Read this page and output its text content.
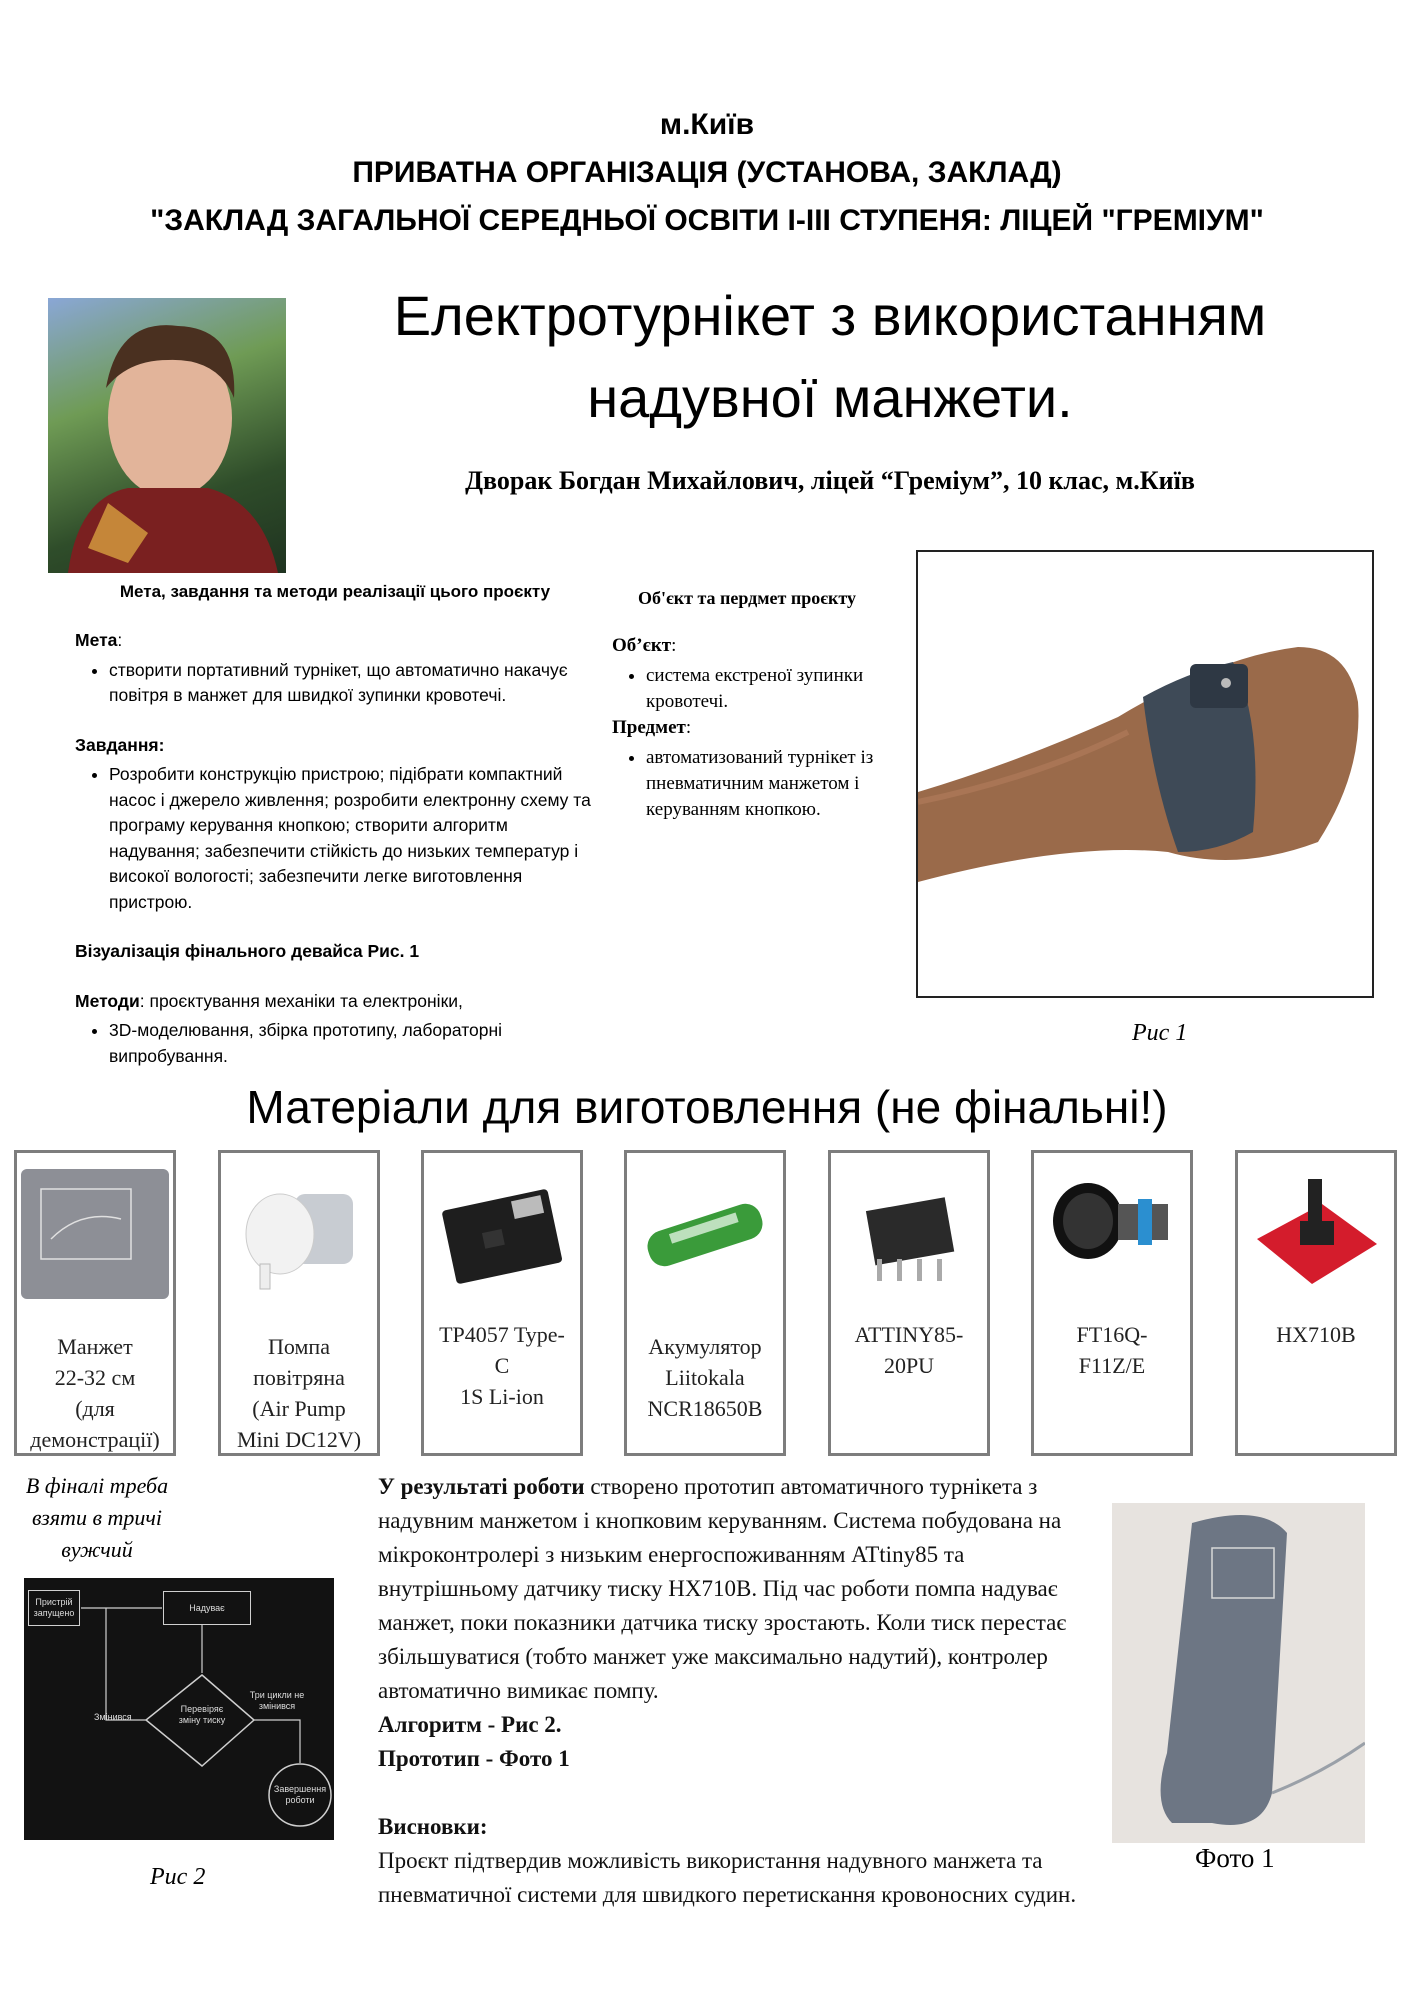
м.Київ
ПРИВАТНА ОРГАНІЗАЦІЯ (УСТАНОВА, ЗАКЛАД)
"ЗАКЛАД ЗАГАЛЬНОЇ СЕРЕДНЬОЇ ОСВІТИ І-ІІІ СТУПЕНЯ: ЛІЦЕЙ "ГРЕМІУМ"
Електротурнікет з використанням
надувної манжети.
Дворак Богдан Михайлович, ліцей “Греміум”, 10 клас, м.Київ
Мета, завдання та методи реалізації цього проєкту
Мета:
• створити портативний турнікет, що автоматично накачує повітря в манжет для швидкої зупинки кровотечі.
Завдання:
• Розробити конструкцію пристрою; підібрати компактний насос і джерело живлення; розробити електронну схему та програму керування кнопкою; створити алгоритм надування; забезпечити стійкість до низьких температур і високої вологості; забезпечити легке виготовлення пристрою.
Візуалізація фінального девайса Рис. 1
Методи: проєктування механіки та електроніки,
• 3D-моделювання, збірка прототипу, лабораторні випробування.
Об'єкт та пердмет проєкту
Об’єкт:
• система екстреної зупинки кровотечі.
Предмет:
• автоматизований турнікет із пневматичним манжетом і керуванням кнопкою.
Рис 1
Матеріали для виготовлення (не фінальні!)
Манжет
22-32 см
(для
демонстрації)
Помпа
повітряна
(Air Pump
Mini DC12V)
TP4057 Type-
C
1S Li-ion
Акумулятор
Liitokala
NCR18650B
ATTINY85-
20PU
FT16Q-
F11Z/E
HX710B
В фіналі треба взяти в тричі вужчий
Пристрій запущено
Надуває
Перевіряє зміну тиску
Змінився
Три цикли не змінився
Завершення роботи
Рис 2
У результаті роботи створено прототип автоматичного турнікета з надувним манжетом і кнопковим керуванням. Система побудована на мікроконтролері з низьким енергоспоживанням ATtiny85 та внутрішньому датчику тиску HX710B. Під час роботи помпа надуває манжет, поки показники датчика тиску зростають. Коли тиск перестає збільшуватися (тобто манжет уже максимально надутий), контролер автоматично вимикає помпу.
Алгоритм - Рис 2.
Прототип - Фото 1
Висновки:
Проєкт підтвердив можливість використання надувного манжета та пневматичної системи для швидкого перетискання кровоносних судин.
Фото 1
